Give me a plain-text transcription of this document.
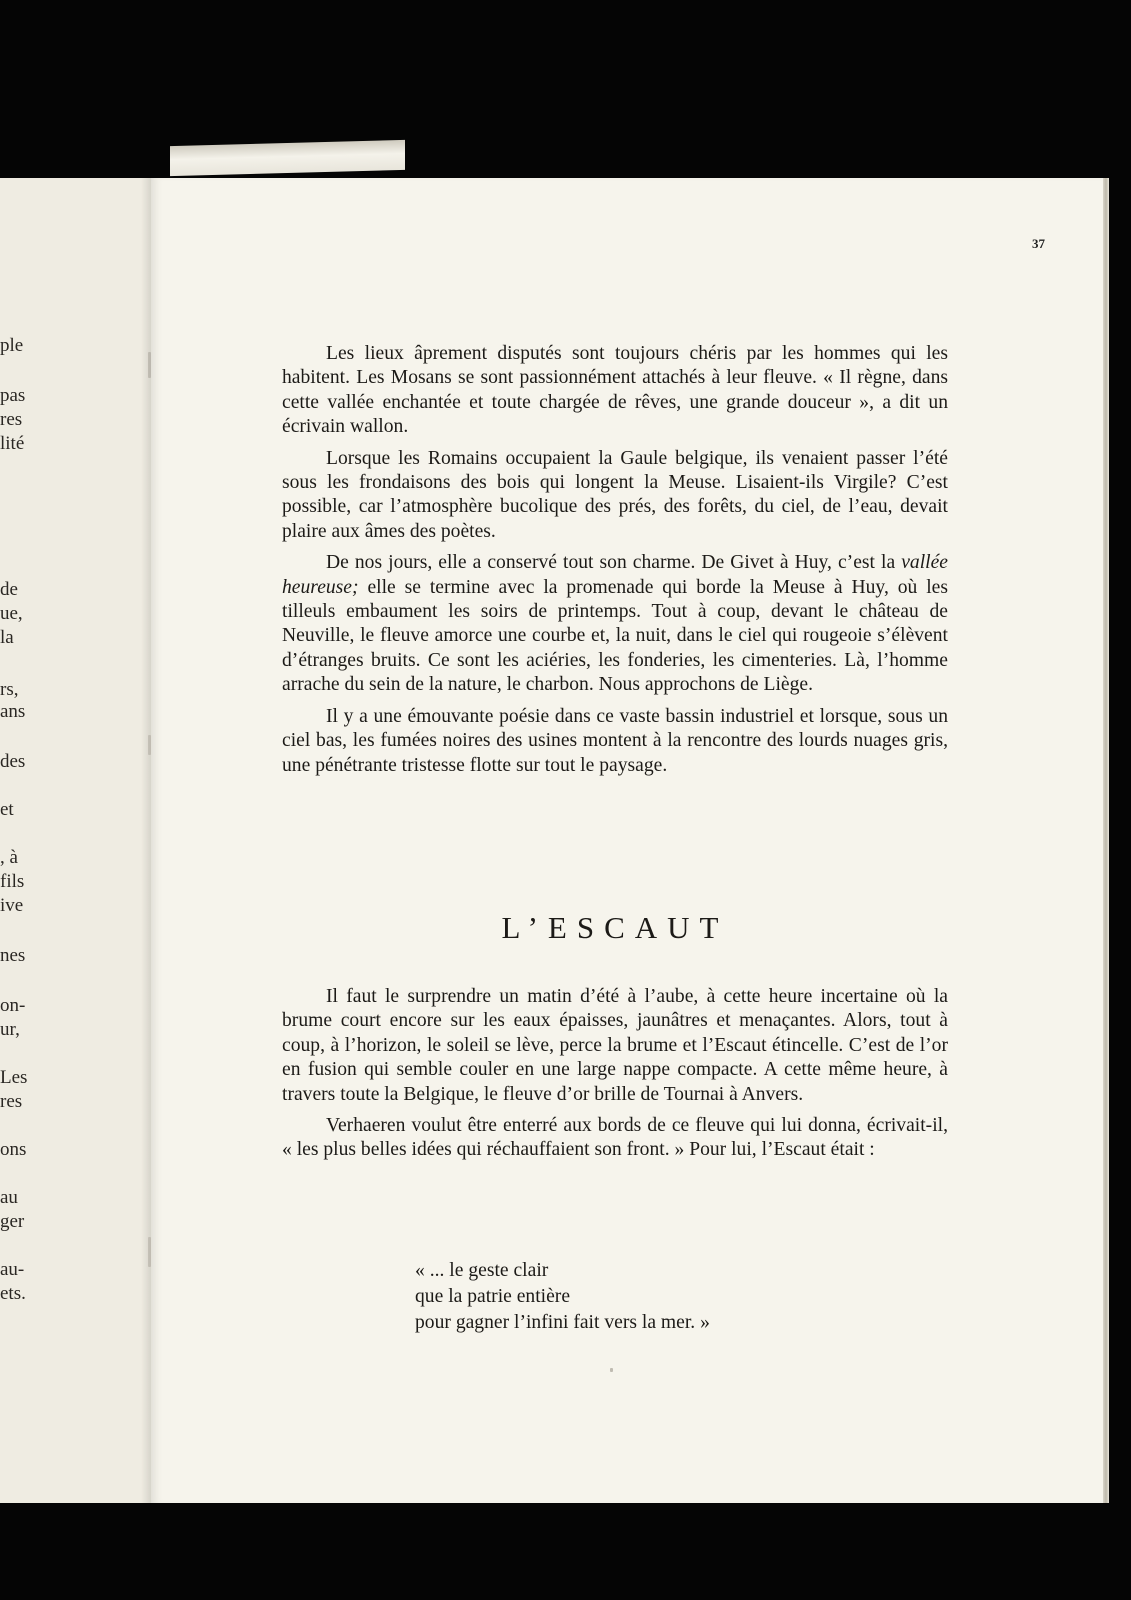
ple
pas
res
lité
de
ue,
la
rs,
ans
des
et
, à
fils
ive
nes
on-
ur,
Les
res
ons
au
ger
au-
ets.
37

Les lieux âprement disputés sont toujours chéris par les hommes qui les habitent. Les Mosans se sont passionnément attachés à leur fleuve. « Il règne, dans cette vallée enchantée et toute chargée de rêves, une grande douceur », a dit un écrivain wallon.

Lorsque les Romains occupaient la Gaule belgique, ils venaient passer l’été sous les frondaisons des bois qui longent la Meuse. Lisaient-ils Virgile? C’est possible, car l’atmosphère bucolique des prés, des forêts, du ciel, de l’eau, devait plaire aux âmes des poètes.

De nos jours, elle a conservé tout son charme. De Givet à Huy, c’est la vallée heureuse; elle se termine avec la promenade qui borde la Meuse à Huy, où les tilleuls embaument les soirs de printemps. Tout à coup, devant le château de Neuville, le fleuve amorce une courbe et, la nuit, dans le ciel qui rougeoie s’élèvent d’étranges bruits. Ce sont les aciéries, les fonderies, les cimenteries. Là, l’homme arrache du sein de la nature, le charbon. Nous approchons de Liège.

Il y a une émouvante poésie dans ce vaste bassin industriel et lorsque, sous un ciel bas, les fumées noires des usines montent à la rencontre des lourds nuages gris, une pénétrante tristesse flotte sur tout le paysage.

L’ESCAUT

Il faut le surprendre un matin d’été à l’aube, à cette heure incertaine où la brume court encore sur les eaux épaisses, jaunâtres et menaçantes. Alors, tout à coup, à l’horizon, le soleil se lève, perce la brume et l’Escaut étincelle. C’est de l’or en fusion qui semble couler en une large nappe compacte. A cette même heure, à travers toute la Belgique, le fleuve d’or brille de Tournai à Anvers.

Verhaeren voulut être enterré aux bords de ce fleuve qui lui donna, écrivait-il, « les plus belles idées qui réchauffaient son front. » Pour lui, l’Escaut était :

« ... le geste clair
que la patrie entière
pour gagner l’infini fait vers la mer. »
